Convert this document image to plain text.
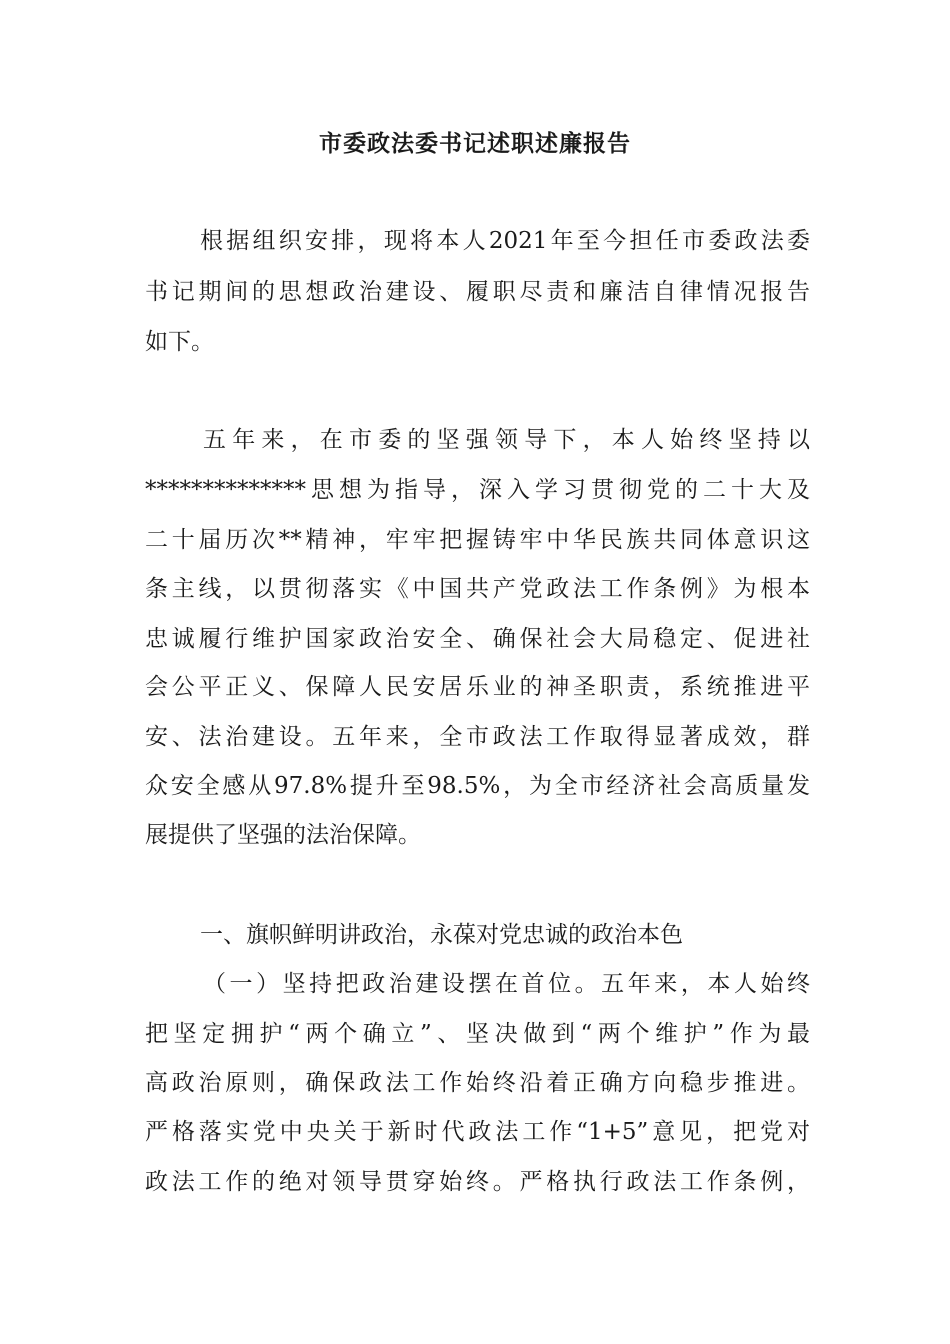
市委政法委书记述职述廉报告
根据组织安排，现将本人2021年至今担任市委政法委
书记期间的思想政治建设、履职尽责和廉洁自律情况报告
如下。
五年来，在市委的坚强领导下，本人始终坚持以
**************思想为指导，深入学习贯彻党的二十大及
二十届历次**精神，牢牢把握铸牢中华民族共同体意识这
条主线，以贯彻落实《中国共产党政法工作条例》为根本
忠诚履行维护国家政治安全、确保社会大局稳定、促进社
会公平正义、保障人民安居乐业的神圣职责，系统推进平
安、法治建设。五年来，全市政法工作取得显著成效，群
众安全感从97.8%提升至98.5%，为全市经济社会高质量发
展提供了坚强的法治保障。
一、旗帜鲜明讲政治，永葆对党忠诚的政治本色
（一）坚持把政治建设摆在首位。五年来，本人始终
把坚定拥护“两个确立”、坚决做到“两个维护”作为最
高政治原则，确保政法工作始终沿着正确方向稳步推进。
严格落实党中央关于新时代政法工作“1+5”意见，把党对
政法工作的绝对领导贯穿始终。严格执行政法工作条例，
